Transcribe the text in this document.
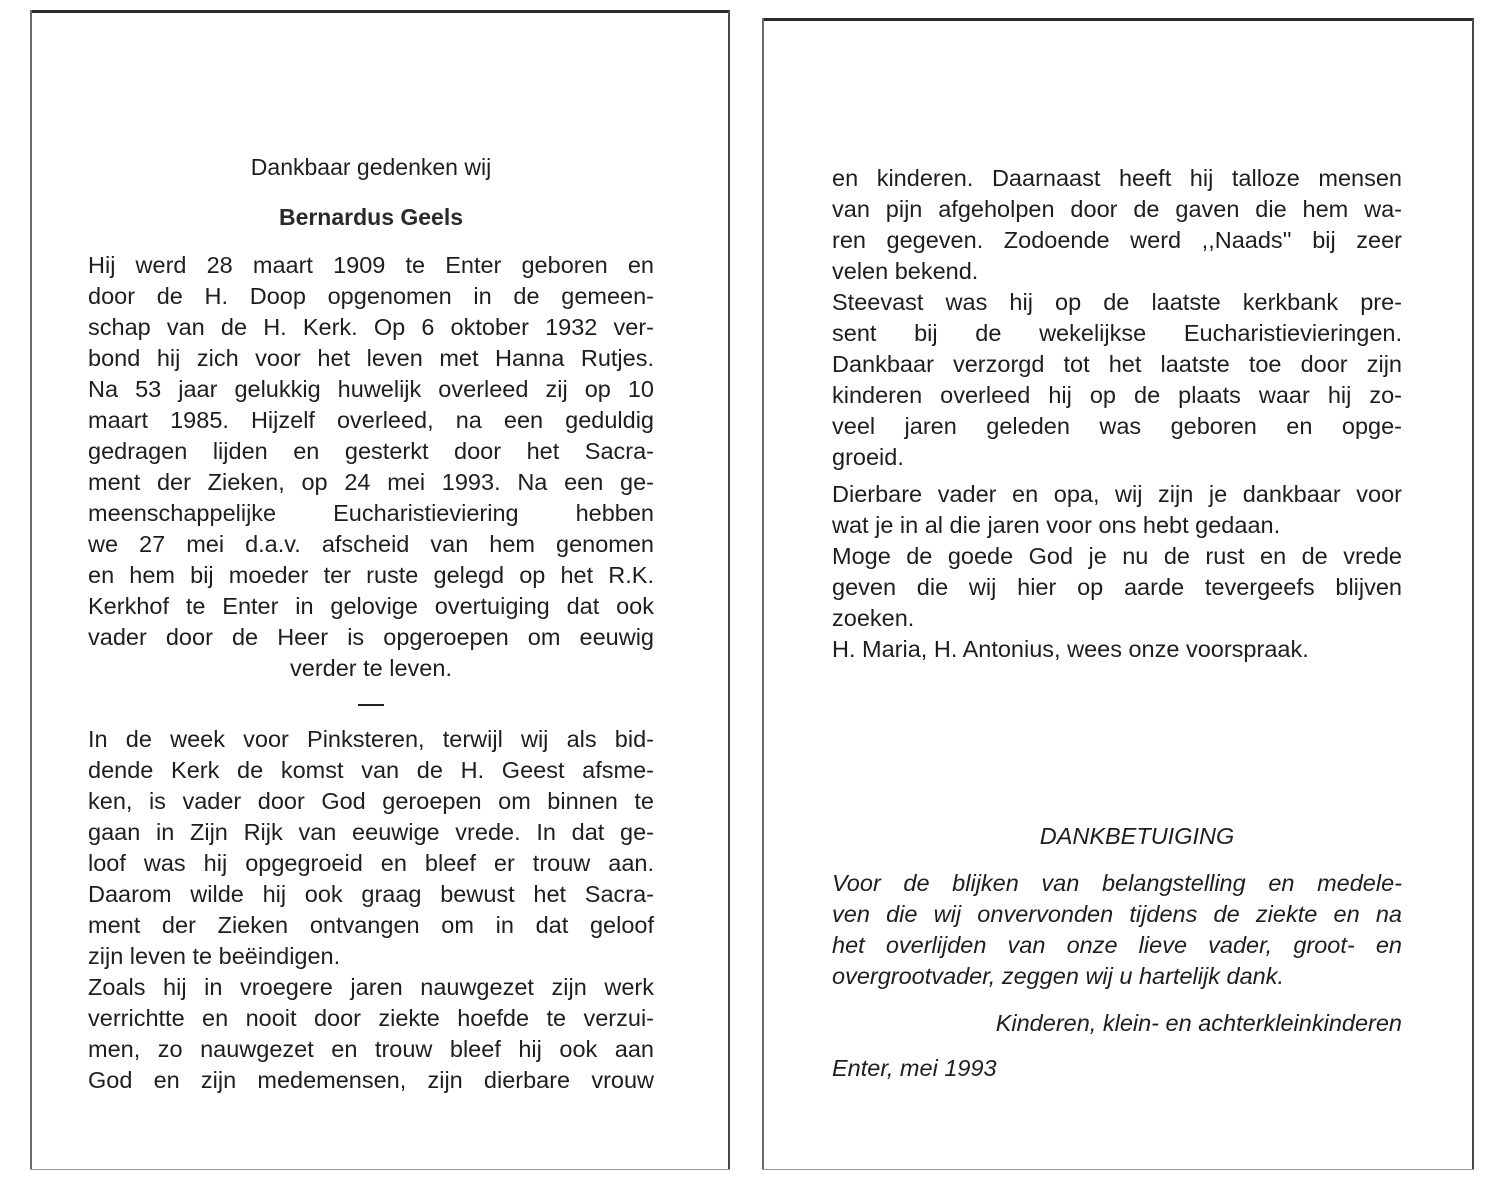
Dankbaar gedenken wij
Bernardus Geels
Hij werd 28 maart 1909 te Enter geboren en
door de H. Doop opgenomen in de gemeen-
schap van de H. Kerk. Op 6 oktober 1932 ver-
bond hij zich voor het leven met Hanna Rutjes.
Na 53 jaar gelukkig huwelijk overleed zij op 10
maart 1985. Hijzelf overleed, na een geduldig
gedragen lijden en gesterkt door het Sacra-
ment der Zieken, op 24 mei 1993. Na een ge-
meenschappelijke Eucharistieviering hebben
we 27 mei d.a.v. afscheid van hem genomen
en hem bij moeder ter ruste gelegd op het R.K.
Kerkhof te Enter in gelovige overtuiging dat ook
vader door de Heer is opgeroepen om eeuwig
verder te leven.
In de week voor Pinksteren, terwijl wij als bid-
dende Kerk de komst van de H. Geest afsme-
ken, is vader door God geroepen om binnen te
gaan in Zijn Rijk van eeuwige vrede. In dat ge-
loof was hij opgegroeid en bleef er trouw aan.
Daarom wilde hij ook graag bewust het Sacra-
ment der Zieken ontvangen om in dat geloof
zijn leven te beëindigen.
Zoals hij in vroegere jaren nauwgezet zijn werk
verrichtte en nooit door ziekte hoefde te verzui-
men, zo nauwgezet en trouw bleef hij ook aan
God en zijn medemensen, zijn dierbare vrouw
en kinderen. Daarnaast heeft hij talloze mensen
van pijn afgeholpen door de gaven die hem wa-
ren gegeven. Zodoende werd ,,Naads'' bij zeer
velen bekend.
Steevast was hij op de laatste kerkbank pre-
sent bij de wekelijkse Eucharistievieringen.
Dankbaar verzorgd tot het laatste toe door zijn
kinderen overleed hij op de plaats waar hij zo-
veel jaren geleden was geboren en opge-
groeid.
Dierbare vader en opa, wij zijn je dankbaar voor
wat je in al die jaren voor ons hebt gedaan.
Moge de goede God je nu de rust en de vrede
geven die wij hier op aarde tevergeefs blijven
zoeken.
H. Maria, H. Antonius, wees onze voorspraak.
DANKBETUIGING
Voor de blijken van belangstelling en medele-
ven die wij onvervonden tijdens de ziekte en na
het overlijden van onze lieve vader, groot- en
overgrootvader, zeggen wij u hartelijk dank.
Kinderen, klein- en achterkleinkinderen
Enter, mei 1993
